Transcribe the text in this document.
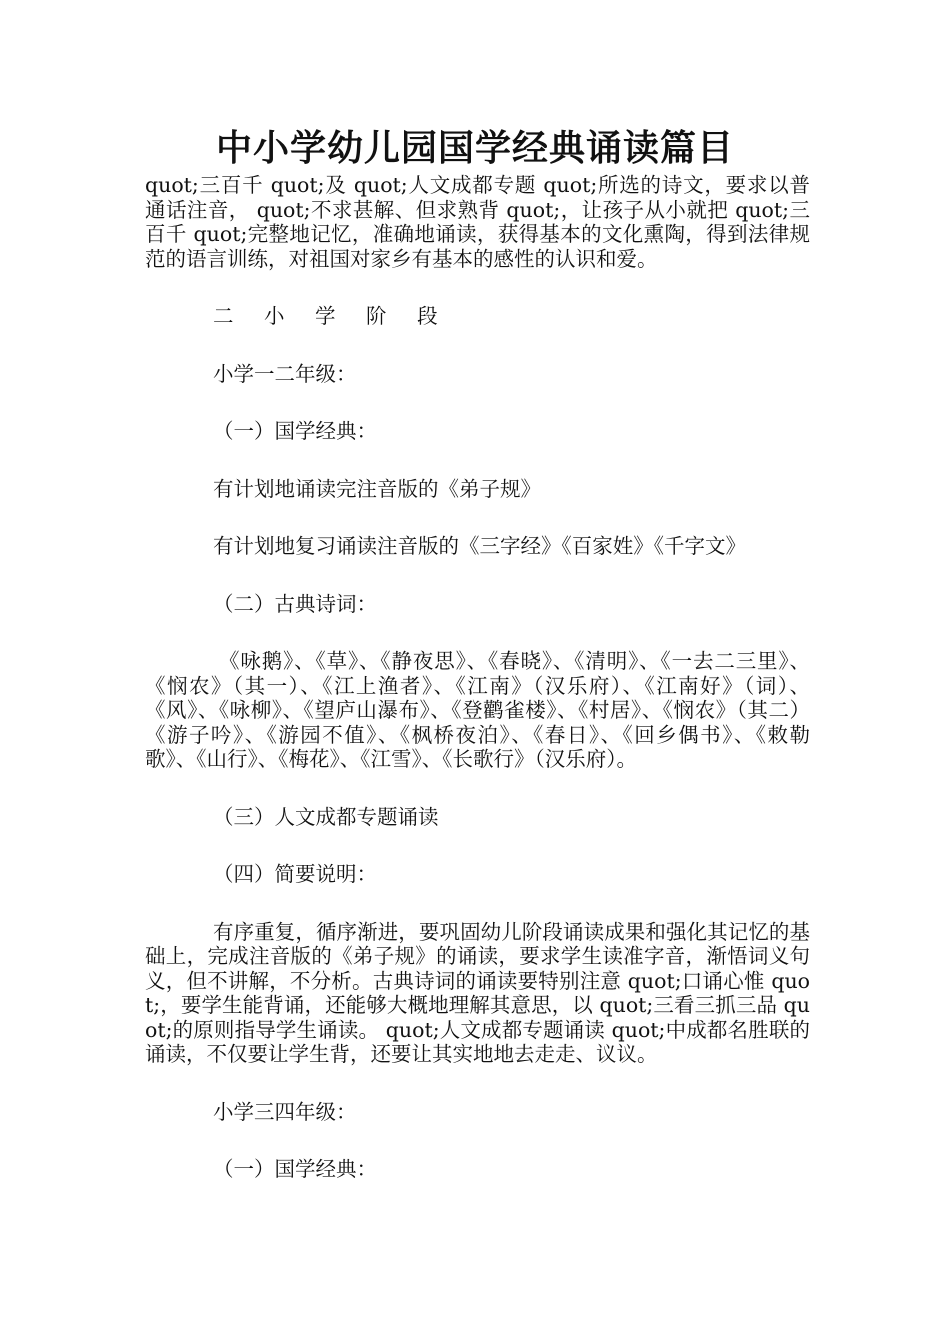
中小学幼儿园国学经典诵读篇目

quot;三百千 quot;及 quot;人文成都专题 quot;所选的诗文，要求以普通话注音， quot;不求甚解、但求熟背 quot;，让孩子从小就把 quot;三百千 quot;完整地记忆，准确地诵读，获得基本的文化熏陶，得到法律规范的语言训练，对祖国对家乡有基本的感性的认识和爱。

二 小 学 阶 段

小学一二年级：

（一）国学经典：

有计划地诵读完注音版的《弟子规》

有计划地复习诵读注音版的《三字经》《百家姓》《千字文》

（二）古典诗词：

《咏鹅》、《草》、《静夜思》、《春晓》、《清明》、《一去二三里》、《悯农》（其一）、《江上渔者》、《江南》（汉乐府）、《江南好》（词）、《风》、《咏柳》、《望庐山瀑布》、《登鹳雀楼》、《村居》、《悯农》（其二）《游子吟》、《游园不值》、《枫桥夜泊》、《春日》、《回乡偶书》、《敕勒歌》、《山行》、《梅花》、《江雪》、《长歌行》（汉乐府）。

（三）人文成都专题诵读

（四）简要说明：

有序重复，循序渐进，要巩固幼儿阶段诵读成果和强化其记忆的基础上，完成注音版的《弟子规》的诵读，要求学生读准字音，渐悟词义句义，但不讲解，不分析。古典诗词的诵读要特别注意 quot;口诵心惟 quot;，要学生能背诵，还能够大概地理解其意思，以 quot;三看三抓三品 quot;的原则指导学生诵读。 quot;人文成都专题诵读 quot;中成都名胜联的诵读，不仅要让学生背，还要让其实地地去走走、议议。

小学三四年级：

（一）国学经典：
